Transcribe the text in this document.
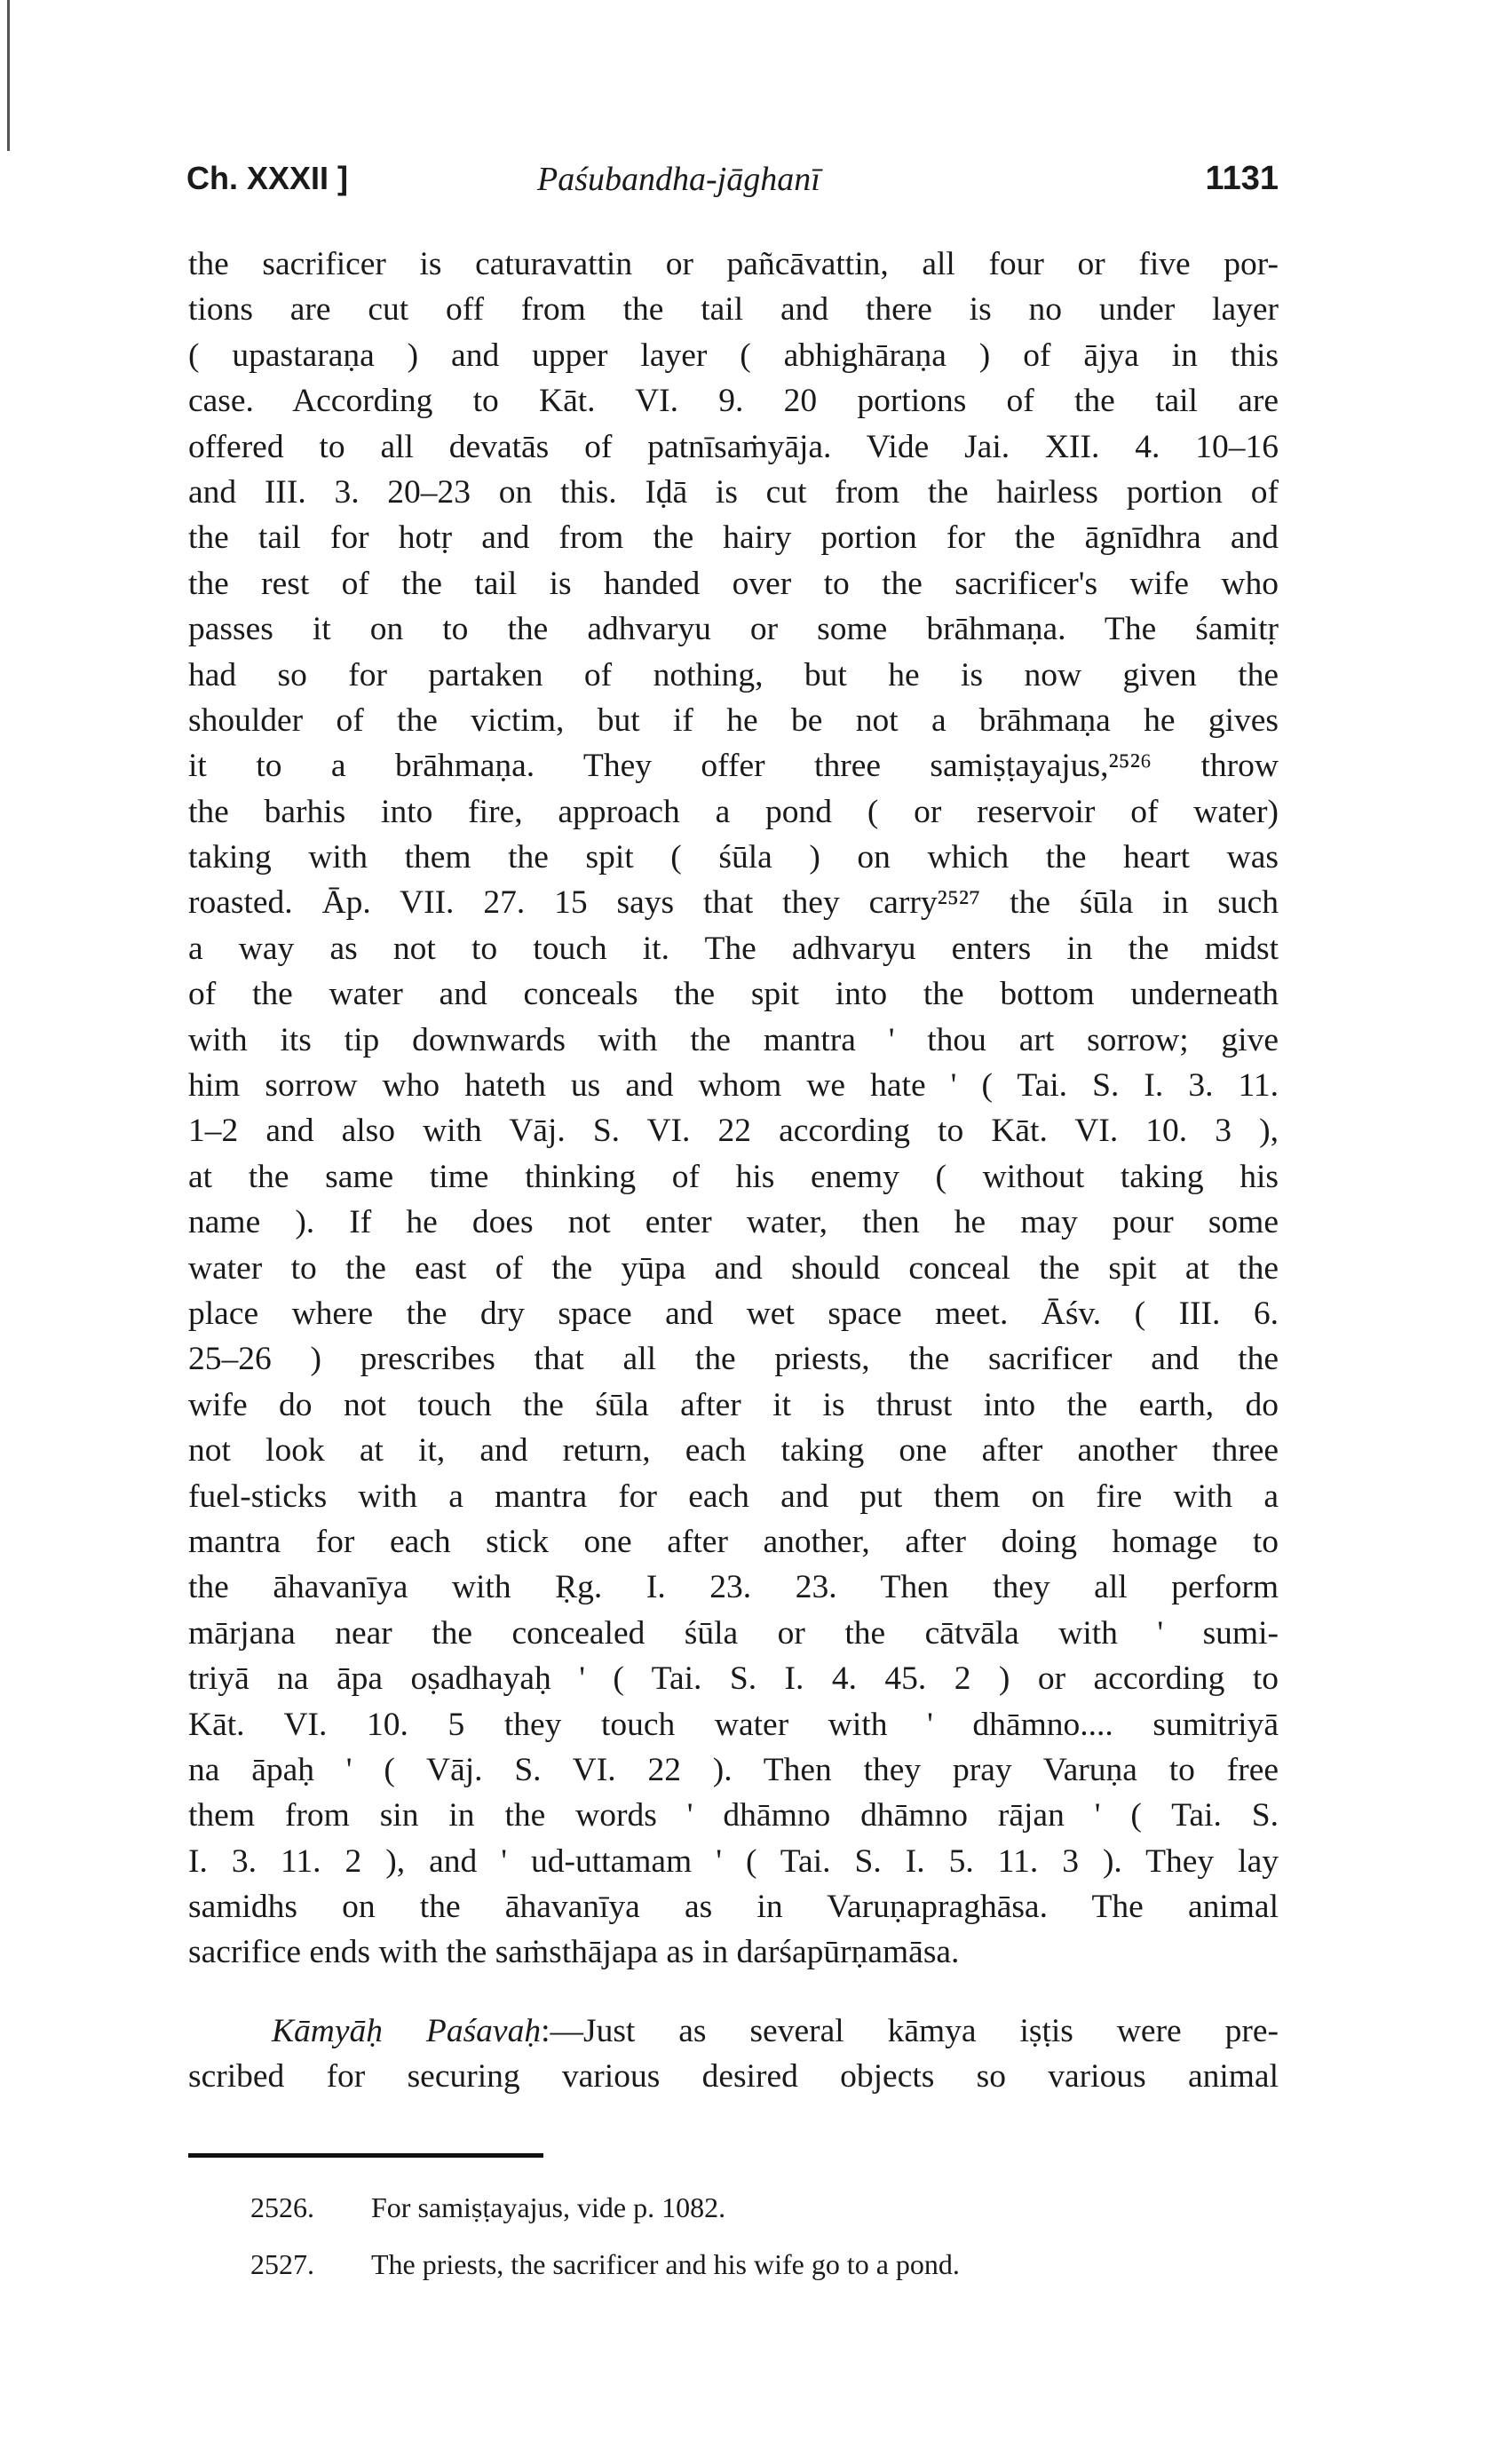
Ch. XXXII ]	Paśubandha-jāghanī	1131
the sacrificer is caturavattin or pañcāvattin, all four or five por-
tions are cut off from the tail and there is no under layer
( upastaraṇa ) and upper layer ( abhighāraṇa ) of ājya in this
case. According to Kāt. VI. 9. 20 portions of the tail are
offered to all devatās of patnīsaṁyāja. Vide Jai. XII. 4. 10–16
and III. 3. 20–23 on this. Iḍā is cut from the hairless portion of
the tail for hotṛ and from the hairy portion for the āgnīdhra and
the rest of the tail is handed over to the sacrificer's wife who
passes it on to the adhvaryu or some brāhmaṇa. The śamitṛ
had so for partaken of nothing, but he is now given the
shoulder of the victim, but if he be not a brāhmaṇa he gives
it to a brāhmaṇa. They offer three samiṣṭayajus,²⁵²⁶ throw
the barhis into fire, approach a pond ( or reservoir of water)
taking with them the spit ( śūla ) on which the heart was
roasted. Āp. VII. 27. 15 says that they carry²⁵²⁷ the śūla in such
a way as not to touch it. The adhvaryu enters in the midst
of the water and conceals the spit into the bottom underneath
with its tip downwards with the mantra ' thou art sorrow; give
him sorrow who hateth us and whom we hate ' ( Tai. S. I. 3. 11.
1–2 and also with Vāj. S. VI. 22 according to Kāt. VI. 10. 3 ),
at the same time thinking of his enemy ( without taking his
name ). If he does not enter water, then he may pour some
water to the east of the yūpa and should conceal the spit at the
place where the dry space and wet space meet. Āśv. ( III. 6.
25–26 ) prescribes that all the priests, the sacrificer and the
wife do not touch the śūla after it is thrust into the earth, do
not look at it, and return, each taking one after another three
fuel-sticks with a mantra for each and put them on fire with a
mantra for each stick one after another, after doing homage to
the āhavanīya with Ṛg. I. 23. 23. Then they all perform
mārjana near the concealed śūla or the cātvāla with ' sumi-
triyā na āpa oṣadhayaḥ ' ( Tai. S. I. 4. 45. 2 ) or according to
Kāt. VI. 10. 5 they touch water with ' dhāmno.... sumitriyā
na āpaḥ ' ( Vāj. S. VI. 22 ). Then they pray Varuṇa to free
them from sin in the words ' dhāmno dhāmno rājan ' ( Tai. S.
I. 3. 11. 2 ), and ' ud-uttamam ' ( Tai. S. I. 5. 11. 3 ). They lay
samidhs on the āhavanīya as in Varuṇapraghāsa. The animal
sacrifice ends with the saṁsthājapa as in darśapūrṇamāsa.
Kāmyāḥ Paśavaḥ:—Just as several kāmya iṣṭis were pre-
scribed for securing various desired objects so various animal
2526. For samiṣṭayajus, vide p. 1082.
2527. The priests, the sacrificer and his wife go to a pond.
